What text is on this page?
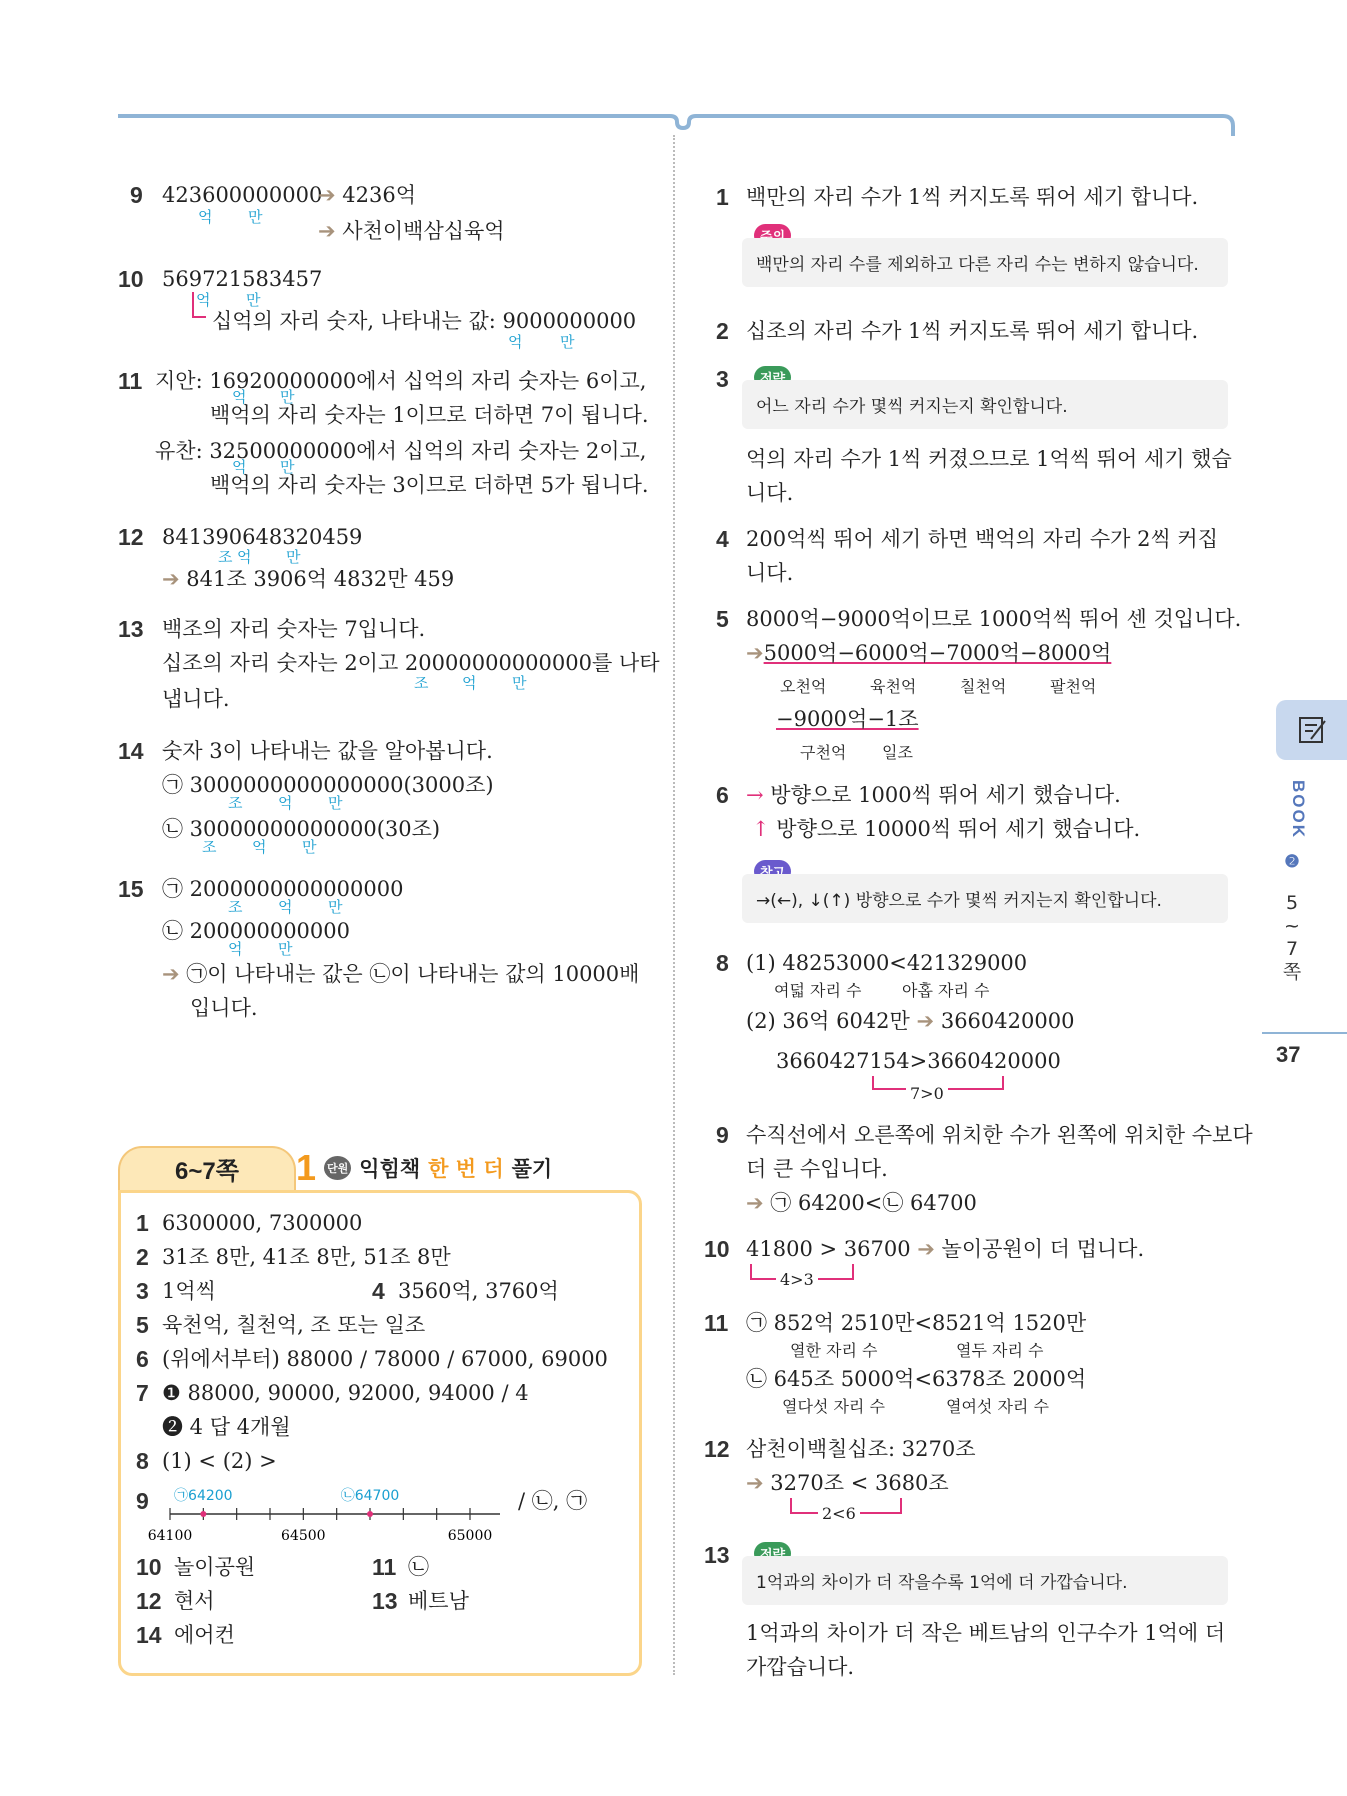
9 423600000000
억 만
➔ 4236억
➔ 사천이백삼십육억
10 569721583457
억 만
십억의 자리 숫자, 나타내는 값: 9000000000
억	만
11 지안: 16920000000에서 십억의 자리 숫자는 6이고,
억 만
백억의 자리 숫자는 1이므로 더하면 7이 됩니다.
유찬: 32500000000에서 십억의 자리 숫자는 2이고,
억 만
백억의 자리 숫자는 3이므로 더하면 5가 됩니다.
12 841390648320459
조 억 만
➔ 841조 3906억 4832만 459
13 백조의 자리 숫자는 7입니다.
십조의 자리 숫자는 2이고 20000000000000를 나타
조 억 만
냅니다.
14 숫자 3이 나타내는 값을 알아봅니다.
㉠ 3000000000000000(3000조)
조 억 만
㉡ 30000000000000(30조)
조 억 만
15 ㉠ 2000000000000000
조 억 만
㉡ 200000000000
억 만
➔ ㉠이 나타내는 값은 ㉡이 나타내는 값의 10000배
입니다.
6~7쪽	1 단원 익힘책 한 번 더 풀기
1 6300000, 7300000
2 31조 8만, 41조 8만, 51조 8만
3 1억씩	4 3560억, 3760억
5 육천억, 칠천억, 조 또는 일조
6 (위에서부터) 88000 / 78000 / 67000, 69000
7 ❶ 88000, 90000, 92000, 94000 / 4
❷ 4 답 4개월
8 (1) < (2) >
9
64100	64500	65000
㉠64200	㉡64700	/ ㉡, ㉠
10 놀이공원	11 ㉡
12 현서	13 베트남
14 에어컨
1 백만의 자리 수가 1씩 커지도록 뛰어 세기 합니다.
백만의 자리 수를 제외하고 다른 자리 수는 변하지 않습니다.
2 십조의 자리 수가 1씩 커지도록 뛰어 세기 합니다.
3
어느 자리 수가 몇씩 커지는지 확인합니다.
억의 자리 수가 1씩 커졌으므로 1억씩 뛰어 세기 했습
니다.
4 200억씩 뛰어 세기 하면 백억의 자리 수가 2씩 커집
니다.
5 8000억−9000억이므로 1000억씩 뛰어 센 것입니다.
➔5000억−6000억−7000억−8000억
오천억	육천억	칠천억	팔천억
−9000억−1조
구천억 일조
6 → 방향으로 1000씩 뛰어 세기 했습니다.
↑ 방향으로 10000씩 뛰어 세기 했습니다.
→(←), ↓(↑) 방향으로 수가 몇씩 커지는지 확인합니다.
8 (1) 48253000<421329000
여덟 자리 수	아홉 자리 수
(2) 36억 6042만 ➔ 3660420000
3660427154>3660420000
7>0
9 수직선에서 오른쪽에 위치한 수가 왼쪽에 위치한 수보다
더 큰 수입니다.
➔ ㉠ 64200<㉡ 64700
10 41800 > 36700 ➔ 놀이공원이 더 멉니다.
4>3
11 ㉠ 852억 2510만<8521억 1520만
열한 자리 수	열두 자리 수
㉡ 645조 5000억<6378조 2000억
열다섯 자리 수	열여섯 자리 수
12 삼천이백칠십조: 3270조
➔ 3270조 < 3680조
2<6
13
1억과의 차이가 더 작을수록 1억에 더 가깝습니다.
1억과의 차이가 더 작은 베트남의 인구수가 1억에 더
가깝습니다.
BOOK
❷
5~7쪽
37
